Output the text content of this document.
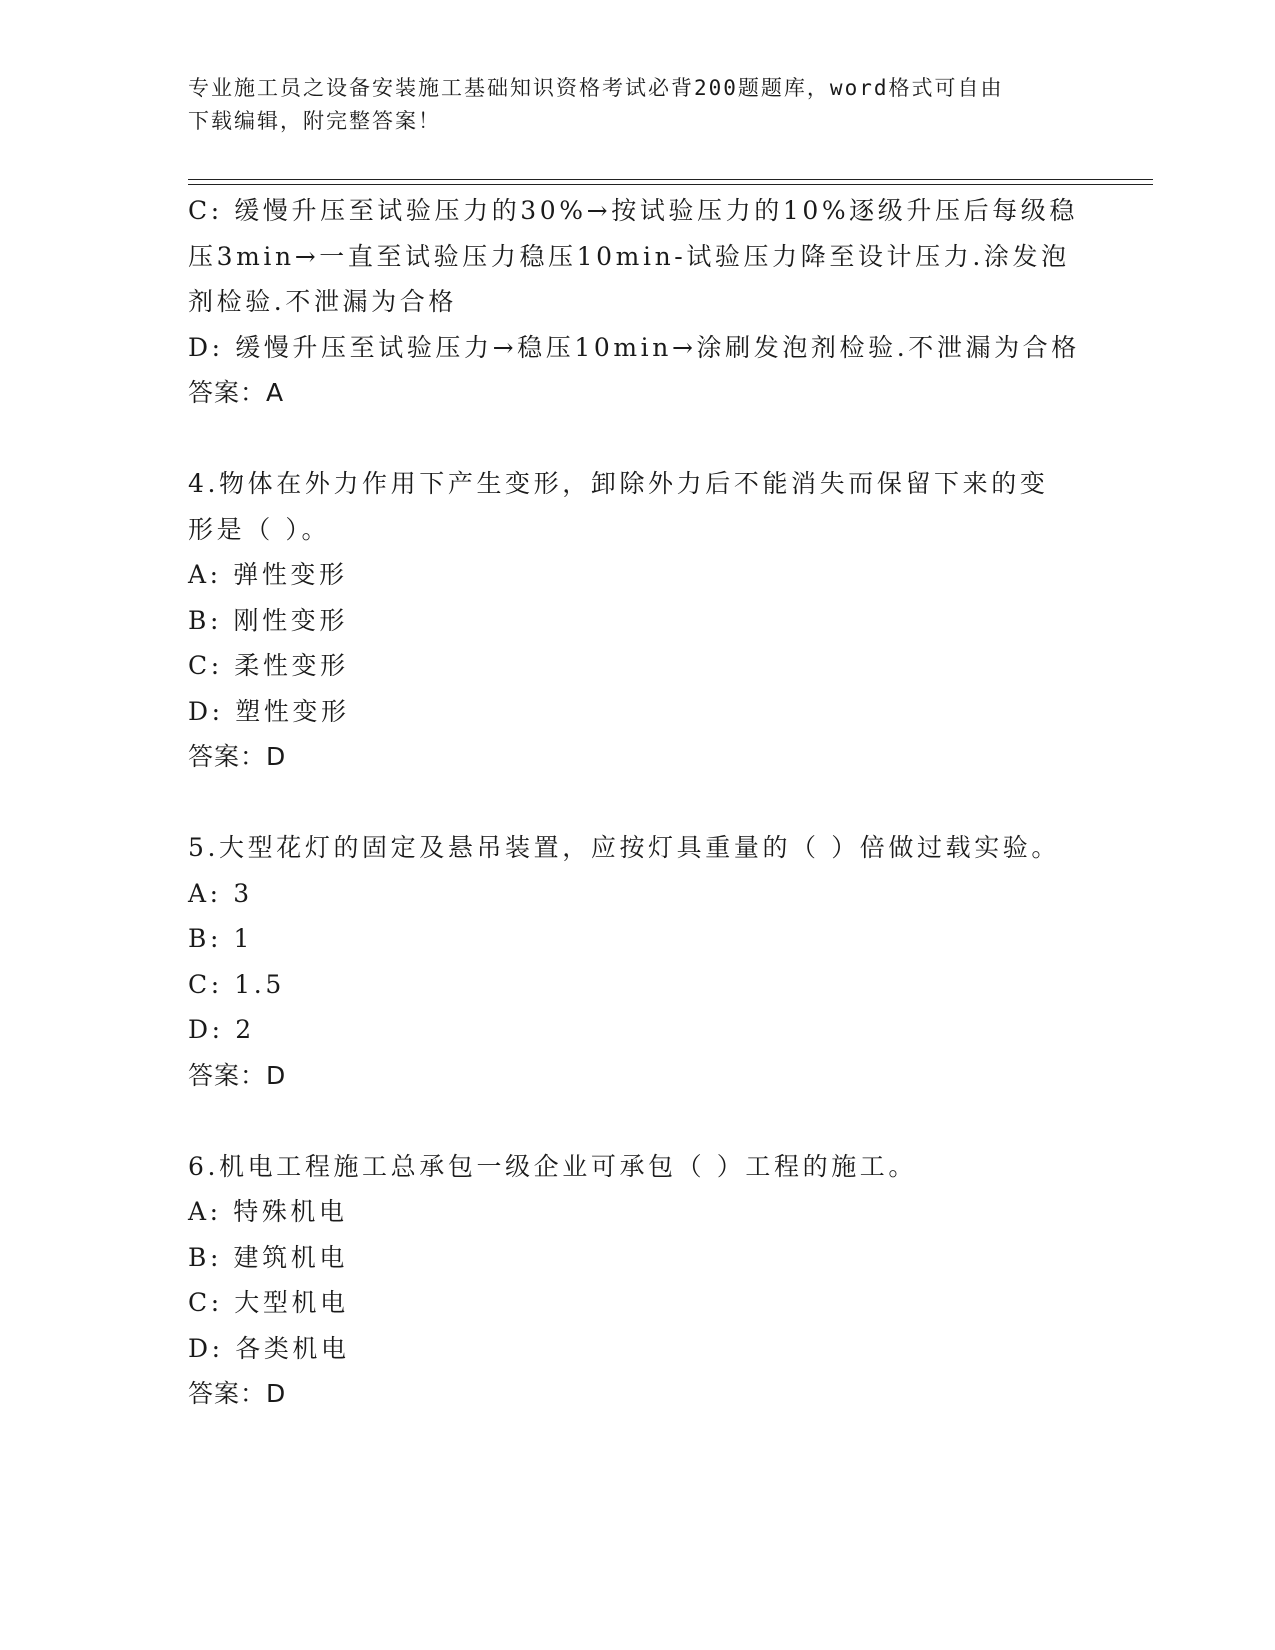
专业施工员之设备安装施工基础知识资格考试必背200题题库，word格式可自由
下载编辑，附完整答案！
C: 缓慢升压至试验压力的30%→按试验压力的10%逐级升压后每级稳
压3min→一直至试验压力稳压10min-试验压力降至设计压力.涂发泡
剂检验.不泄漏为合格
D: 缓慢升压至试验压力→稳压10min→涂刷发泡剂检验.不泄漏为合格
答案：A
4.物体在外力作用下产生变形，卸除外力后不能消失而保留下来的变
形是（ ）。
A: 弹性变形
B: 刚性变形
C: 柔性变形
D: 塑性变形
答案：D
5.大型花灯的固定及悬吊装置，应按灯具重量的（ ）倍做过载实验。
A: 3
B: 1
C: 1.5
D: 2
答案：D
6.机电工程施工总承包一级企业可承包（ ）工程的施工。
A: 特殊机电
B: 建筑机电
C: 大型机电
D: 各类机电
答案：D
